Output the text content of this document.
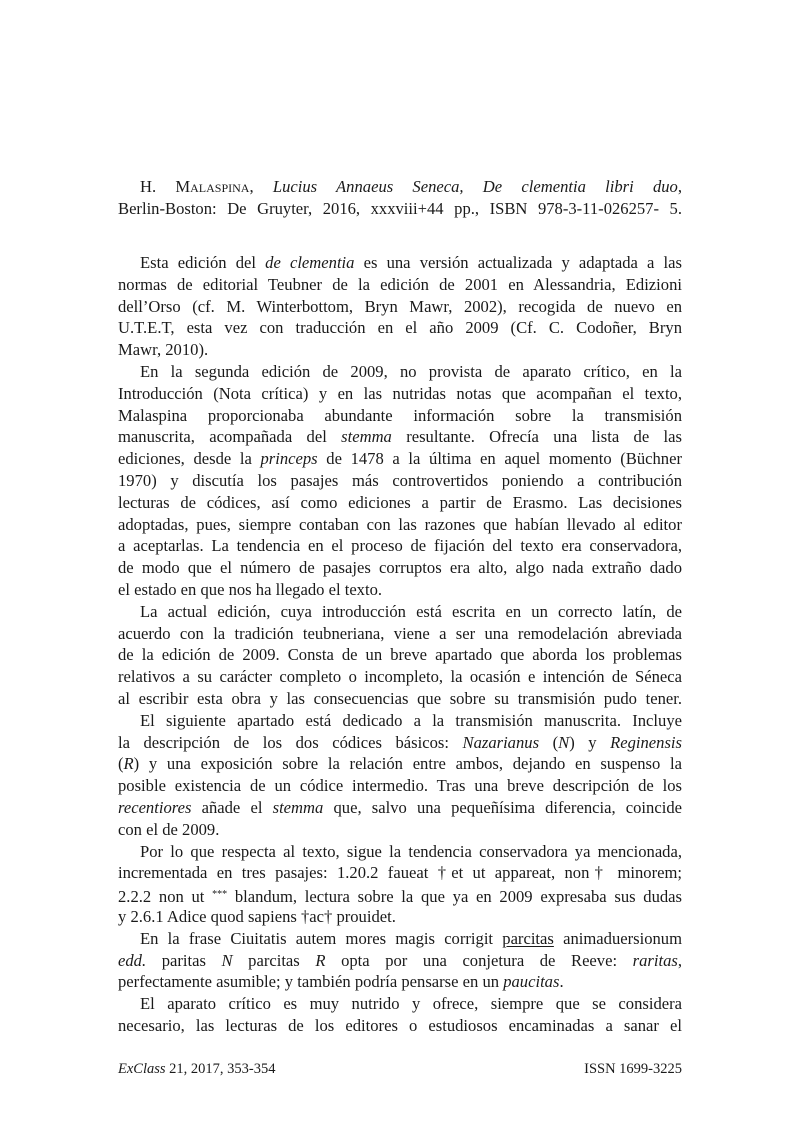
H. Malaspina, Lucius Annaeus Seneca, De clementia libri duo,
Berlin-Boston: De Gruyter, 2016, xxxviii+44 pp., ISBN 978-3-11-026257- 5.
Esta edición del de clementia es una versión actualizada y adaptada a las
normas de editorial Teubner de la edición de 2001 en Alessandria, Edizioni
dell’Orso (cf. M. Winterbottom, Bryn Mawr, 2002), recogida de nuevo en
U.T.E.T, esta vez con traducción en el año 2009 (Cf. C. Codoñer, Bryn
Mawr, 2010).
En la segunda edición de 2009, no provista de aparato crítico, en la
Introducción (Nota crítica) y en las nutridas notas que acompañan el texto,
Malaspina proporcionaba abundante información sobre la transmisión
manuscrita, acompañada del stemma resultante. Ofrecía una lista de las
ediciones, desde la princeps de 1478 a la última en aquel momento (Büchner
1970) y discutía los pasajes más controvertidos poniendo a contribución
lecturas de códices, así como ediciones a partir de Erasmo. Las decisiones
adoptadas, pues, siempre contaban con las razones que habían llevado al editor
a aceptarlas. La tendencia en el proceso de fijación del texto era conservadora,
de modo que el número de pasajes corruptos era alto, algo nada extraño dado
el estado en que nos ha llegado el texto.
La actual edición, cuya introducción está escrita en un correcto latín, de
acuerdo con la tradición teubneriana, viene a ser una remodelación abreviada
de la edición de 2009. Consta de un breve apartado que aborda los problemas
relativos a su carácter completo o incompleto, la ocasión e intención de Séneca
al escribir esta obra y las consecuencias que sobre su transmisión pudo tener.
El siguiente apartado está dedicado a la transmisión manuscrita. Incluye
la descripción de los dos códices básicos: Nazarianus (N) y Reginensis
(R) y una exposición sobre la relación entre ambos, dejando en suspenso la
posible existencia de un códice intermedio. Tras una breve descripción de los
recentiores añade el stemma que, salvo una pequeñísima diferencia, coincide
con el de 2009.
Por lo que respecta al texto, sigue la tendencia conservadora ya mencionada,
incrementada en tres pasajes: 1.20.2 faueat †et ut appareat, non† minorem;
2.2.2 non ut *** blandum, lectura sobre la que ya en 2009 expresaba sus dudas
y 2.6.1 Adice quod sapiens †ac† prouidet.
En la frase Ciuitatis autem mores magis corrigit parcitas animaduersionum
edd. paritas N parcitas R opta por una conjetura de Reeve: raritas,
perfectamente asumible; y también podría pensarse en un paucitas.
El aparato crítico es muy nutrido y ofrece, siempre que se considera
necesario, las lecturas de los editores o estudiosos encaminadas a sanar el
ExClass 21, 2017, 353-354	ISSN 1699-3225
